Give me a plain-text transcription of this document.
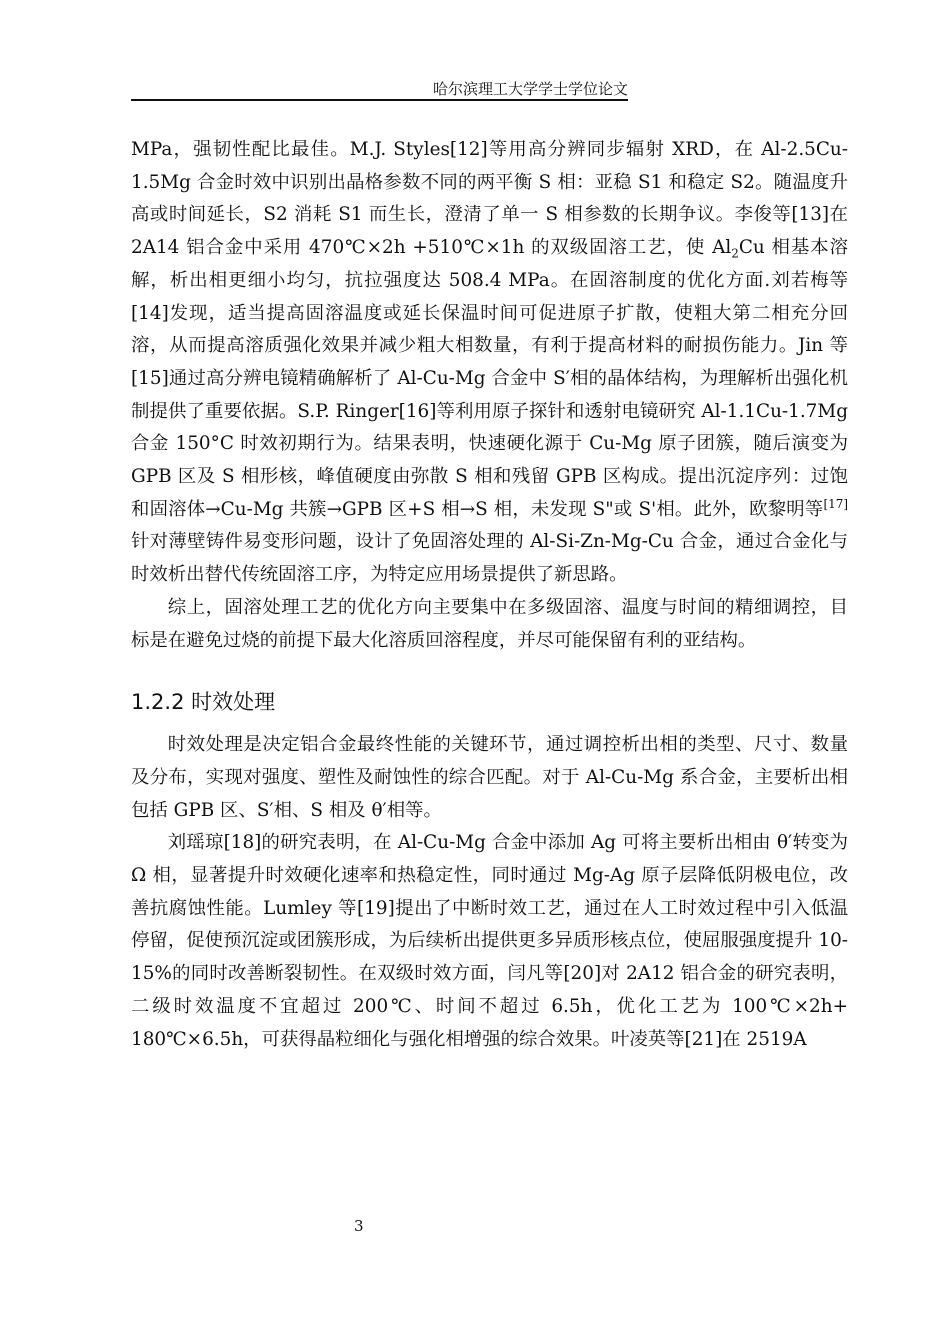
哈尔滨理工大学学士学位论文

MPa，强韧性配比最佳。M.J. Styles[12]等用高分辨同步辐射 XRD，在 Al-2.5Cu-1.5Mg 合金时效中识别出晶格参数不同的两平衡 S 相：亚稳 S1 和稳定 S2。随温度升高或时间延长，S2 消耗 S1 而生长，澄清了单一 S 相参数的长期争议。李俊等[13]在 2A14 铝合金中采用 470℃×2h +510℃×1h 的双级固溶工艺，使 $Al_2Cu$ 相基本溶解，析出相更细小均匀，抗拉强度达 508.4 MPa。在固溶制度的优化方面.刘若梅等[14]发现，适当提高固溶温度或延长保温时间可促进原子扩散，使粗大第二相充分回溶，从而提高溶质强化效果并减少粗大相数量，有利于提高材料的耐损伤能力。Jin 等[15]通过高分辨电镜精确解析了 Al-Cu-Mg 合金中 S′相的晶体结构，为理解析出强化机制提供了重要依据。S.P. Ringer[16]等利用原子探针和透射电镜研究 Al-1.1Cu-1.7Mg 合金 150°C 时效初期行为。结果表明，快速硬化源于 Cu-Mg 原子团簇，随后演变为 GPB 区及 S 相形核，峰值硬度由弥散 S 相和残留 GPB 区构成。提出沉淀序列：过饱和固溶体→Cu-Mg 共簇→GPB 区+S 相→S 相，未发现 S"或 S'相。此外，欧黎明等[17]针对薄壁铸件易变形问题，设计了免固溶处理的 Al-Si-Zn-Mg-Cu 合金，通过合金化与时效析出替代传统固溶工序，为特定应用场景提供了新思路。

综上，固溶处理工艺的优化方向主要集中在多级固溶、温度与时间的精细调控，目标是在避免过烧的前提下最大化溶质回溶程度，并尽可能保留有利的亚结构。

1.2.2 时效处理

时效处理是决定铝合金最终性能的关键环节，通过调控析出相的类型、尺寸、数量及分布，实现对强度、塑性及耐蚀性的综合匹配。对于 Al-Cu-Mg 系合金，主要析出相包括 GPB 区、S′相、S 相及 θ′相等。

刘瑶琼[18]的研究表明，在 Al-Cu-Mg 合金中添加 Ag 可将主要析出相由 θ′转变为 Ω 相，显著提升时效硬化速率和热稳定性，同时通过 Mg-Ag 原子层降低阴极电位，改善抗腐蚀性能。Lumley 等[19]提出了中断时效工艺，通过在人工时效过程中引入低温停留，促使预沉淀或团簇形成，为后续析出提供更多异质形核点位，使屈服强度提升 10-15%的同时改善断裂韧性。在双级时效方面，闫凡等[20]对 2A12 铝合金的研究表明，二级时效温度不宜超过 200℃、时间不超过 6.5h，优化工艺为 100℃×2h+ 180℃×6.5h，可获得晶粒细化与强化相增强的综合效果。叶凌英等[21]在 2519A

3
